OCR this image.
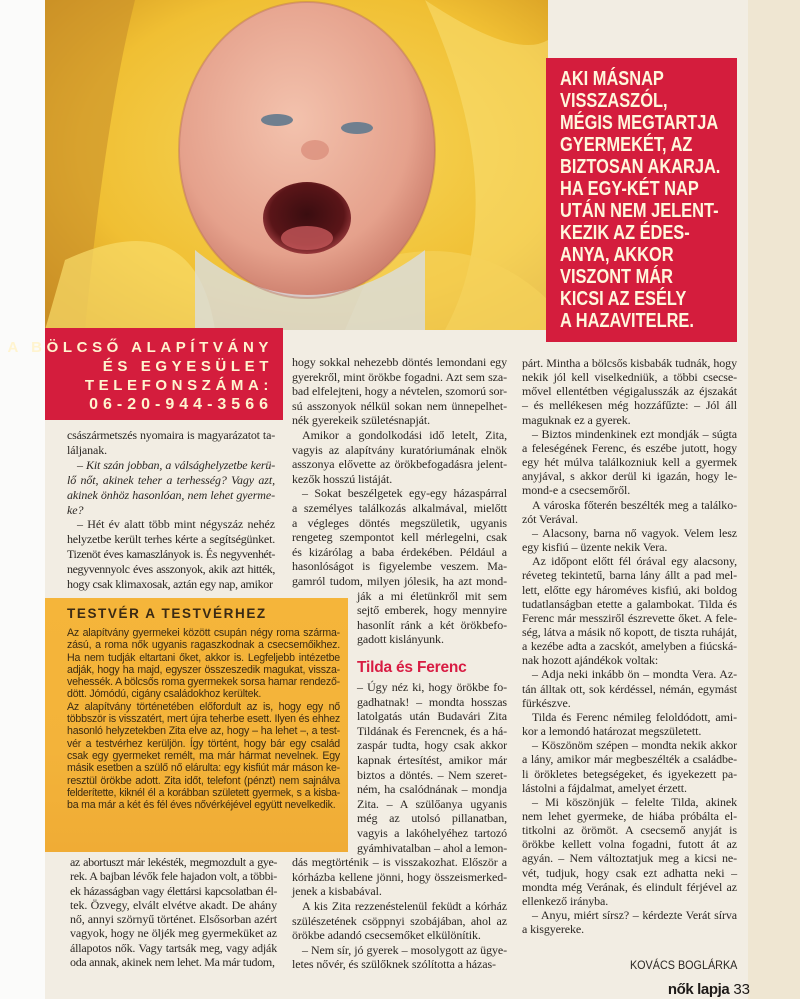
AKI MÁSNAP
VISSZASZÓL,
MÉGIS MEGTARTJA
GYERMEKÉT, AZ
BIZTOSAN AKARJA.
HA EGY-KÉT NAP
UTÁN NEM JELENT-
KEZIK AZ ÉDES-
ANYA, AKKOR
VISZONT MÁR
KICSI AZ ESÉLY
A HAZAVITELRE.
A BÖLCSŐ ALAPÍTVÁNY
ÉS EGYESÜLET
TELEFONSZÁMA:
06-20-944-3566
császármetszés nyomaira is magyarázatot ta-
láljanak.
– Kit szán jobban, a válsághelyzetbe kerü-
lő nőt, akinek teher a terhesség? Vagy azt,
akinek önhöz hasonlóan, nem lehet gyerme-
ke?
– Hét év alatt több mint négyszáz nehéz
helyzetbe került terhes kérte a segítségünket.
Tizenöt éves kamaszlányok is. És negyvenhét-
negyvennyolc éves asszonyok, akik azt hitték,
hogy csak klimaxosak, aztán egy nap, amikor
TESTVÉR A TESTVÉRHEZ
Az alapítvány gyermekei között csupán négy roma szárma-
zású, a roma nők ugyanis ragaszkodnak a csecsemőikhez.
Ha nem tudják eltartani őket, akkor is. Legfeljebb intézetbe
adják, hogy ha majd, egyszer összeszedik magukat, vissza-
vehessék. A bölcsős roma gyermekek sorsa hamar rendező-
dött. Jómódú, cigány családokhoz kerültek.
Az alapítvány történetében előfordult az is, hogy egy nő
többször is visszatért, mert újra teherbe esett. Ilyen és ehhez
hasonló helyzetekben Zita elve az, hogy – ha lehet –, a test-
vér a testvérhez kerüljön. Így történt, hogy bár egy család
csak egy gyermeket remélt, ma már hármat nevelnek. Egy
másik esetben a szülő nő elárulta: egy kisfiút már máson ke-
resztül örökbe adott. Zita időt, telefont (pénzt) nem sajnálva
felderítette, kiknél él a korábban született gyermek, s a kisba-
ba ma már a két és fél éves nővérkéjével együtt nevelkedik.
az abortuszt már lekésték, megmozdult a gye-
rek. A bajban lévők fele hajadon volt, a többi-
ek házasságban vagy élettársi kapcsolatban él-
tek. Özvegy, elvált elvétve akadt. De ahány
nő, annyi szörnyű történet. Elsősorban azért
vagyok, hogy ne öljék meg gyermeküket az
állapotos nők. Vagy tartsák meg, vagy adják
oda annak, akinek nem lehet. Ma már tudom,
hogy sokkal nehezebb döntés lemondani egy
gyerekről, mint örökbe fogadni. Azt sem sza-
bad elfelejteni, hogy a névtelen, szomorú sor-
sú asszonyok nélkül sokan nem ünnepelhet-
nék gyerekeik születésnapját.
Amikor a gondolkodási idő letelt, Zita,
vagyis az alapítvány kuratóriumának elnök
asszonya elővette az örökbefogadásra jelent-
kezők hosszú listáját.
– Sokat beszélgetek egy-egy házaspárral
a személyes találkozás alkalmával, mielőtt
a végleges döntés megszületik, ugyanis
rengeteg szempontot kell mérlegelni, csak
és kizárólag a baba érdekében. Például a
hasonlóságot is figyelembe veszem. Ma-
gamról tudom, milyen jólesik, ha azt mond-
ják a mi életünkről mit sem
sejtő emberek, hogy mennyire
hasonlít ránk a két örökbefo-
gadott kislányunk.
Tilda és Ferenc
– Úgy néz ki, hogy örökbe fo-
gadhatnak! – mondta hosszas
latolgatás után Budavári Zita
Tildának és Ferencnek, és a há-
zaspár tudta, hogy csak akkor
kapnak értesítést, amikor már
biztos a döntés. – Nem szeret-
ném, ha csalódnának – mondja
Zita. – A szülőanya ugyanis
még az utolsó pillanatban,
vagyis a lakóhelyéhez tartozó
gyámhivatalban – ahol a lemon-
dás megtörténik – is visszakozhat. Először a
kórházba kellene jönni, hogy összeismerked-
jenek a kisbabával.
A kis Zita rezzenéstelenül feküdt a kórház
szülészetének csöppnyi szobájában, ahol az
örökbe adandó csecsemőket elkülönítik.
– Nem sír, jó gyerek – mosolygott az ügye-
letes nővér, és szülőknek szólította a házas-
párt. Mintha a bölcsős kisbabák tudnák, hogy
nekik jól kell viselkedniük, a többi csecse-
mővel ellentétben végigalusszák az éjszakát
– és mellékesen még hozzáfűzte: – Jól áll
maguknak ez a gyerek.
– Biztos mindenkinek ezt mondják – súgta
a feleségének Ferenc, és eszébe jutott, hogy
egy hét múlva találkozniuk kell a gyermek
anyjával, s akkor derül ki igazán, hogy le-
mond-e a csecsemőről.
A városka főterén beszélték meg a találko-
zót Verával.
– Alacsony, barna nő vagyok. Velem lesz
egy kisfiú – üzente nekik Vera.
Az időpont előtt fél órával egy alacsony,
réveteg tekintetű, barna lány állt a pad mel-
lett, előtte egy hároméves kisfiú, aki boldog
tudatlanságban etette a galambokat. Tilda és
Ferenc már messziről észrevette őket. A fele-
ség, látva a másik nő kopott, de tiszta ruháját,
a kezébe adta a zacskót, amelyben a fiúcská-
nak hozott ajándékok voltak:
– Adja neki inkább ön – mondta Vera. Az-
tán álltak ott, sok kérdéssel, némán, egymást
fürkészve.
Tilda és Ferenc némileg feloldódott, ami-
kor a lemondó határozat megszületett.
– Köszönöm szépen – mondta nekik akkor
a lány, amikor már megbeszélték a családbe-
li örökletes betegségeket, és igyekezett pa-
lástolni a fájdalmat, amelyet érzett.
– Mi köszönjük – felelte Tilda, akinek
nem lehet gyermeke, de hiába próbálta el-
titkolni az örömöt. A csecsemő anyját is
örökbe kellett volna fogadni, futott át az
agyán. – Nem változtatjuk meg a kicsi ne-
vét, tudjuk, hogy csak ezt adhatta neki –
mondta még Verának, és elindult férjével az
ellenkező irányba.
– Anyu, miért sírsz? – kérdezte Verát sírva
a kisgyereke.
KOVÁCS BOGLÁRKA
nők lapja 33
